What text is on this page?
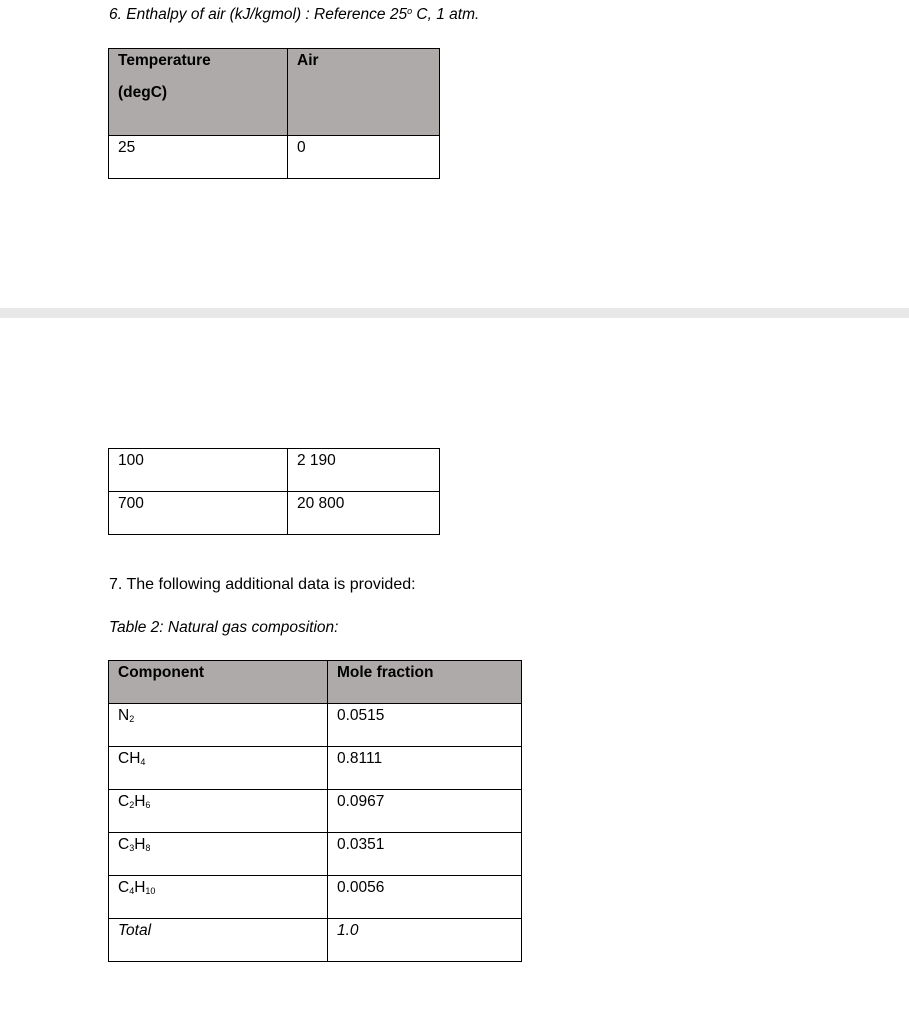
6. Enthalpy of air (kJ/kgmol) : Reference 25$^o$ C, 1 atm.
Temperature
(degC)	Air
25	0
100	2 190
700	20 800
7. The following additional data is provided:
Table 2: Natural gas composition:
Component	Mole fraction
$N_2$	0.0515
$CH_4$	0.8111
$C_2H_6$	0.0967
$C_3H_8$	0.0351
$C_4H_{10}$	0.0056
Total	1.0
